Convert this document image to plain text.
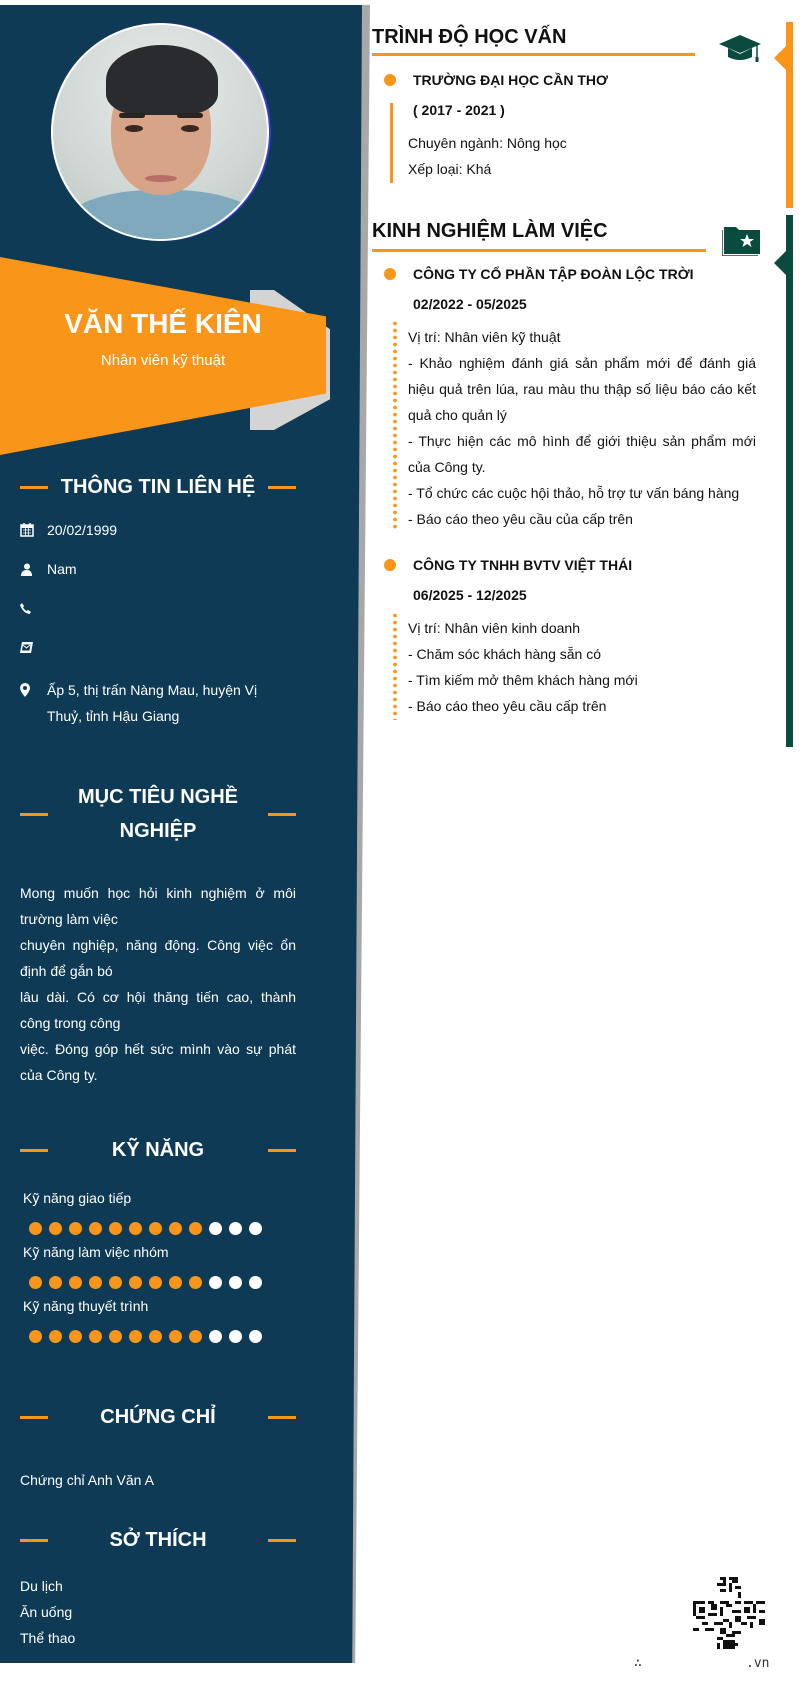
VĂN THẾ KIÊN
Nhân viên kỹ thuật
THÔNG TIN LIÊN HỆ
20/02/1999
Nam
Ấp 5, thị trấn Nàng Mau, huyện Vị Thuỷ, tỉnh Hậu Giang
MỤC TIÊU NGHỀ
NGHIỆP

Mong muốn học hỏi kinh nghiệm ở môi trường làm việc

chuyên nghiệp, năng động. Công việc ổn định để gắn bó

lâu dài. Có cơ hội thăng tiến cao, thành công trong công

việc. Đóng góp hết sức mình vào sự phát của Công ty.

KỸ NĂNG
Kỹ năng giao tiếp
Kỹ năng làm việc nhóm
Kỹ năng thuyết trình
CHỨNG CHỈ
Chứng chỉ Anh Văn A
SỞ THÍCH
Du lịch
Ăn uống
Thể thao
TRÌNH ĐỘ HỌC VẤN
TRƯỜNG ĐẠI HỌC CẦN THƠ
( 2017 - 2021 )
Chuyên ngành: Nông học
Xếp loại: Khá
KINH NGHIỆM LÀM VIỆC
CÔNG TY CỔ PHẦN TẬP ĐOÀN LỘC TRỜI
02/2022 - 05/2025
Vị trí: Nhân viên kỹ thuật
- Khảo nghiệm đánh giá sản phẩm mới để đánh giá hiệu quả trên lúa, rau màu thu thập số liệu báo cáo kết quả cho quản lý
- Thực hiện các mô hình để giới thiệu sản phẩm mới của Công ty.
- Tổ chức các cuộc hội thảo, hỗ trợ tư vấn báng hàng
- Báo cáo theo yêu cầu của cấp trên
CÔNG TY TNHH BVTV VIỆT THÁI
06/2025 - 12/2025
Vị trí: Nhân viên kinh doanh
- Chăm sóc khách hàng sẵn có
- Tìm kiếm mở thêm khách hàng mới
- Báo cáo theo yêu cầu cấp trên
∴	.vn
